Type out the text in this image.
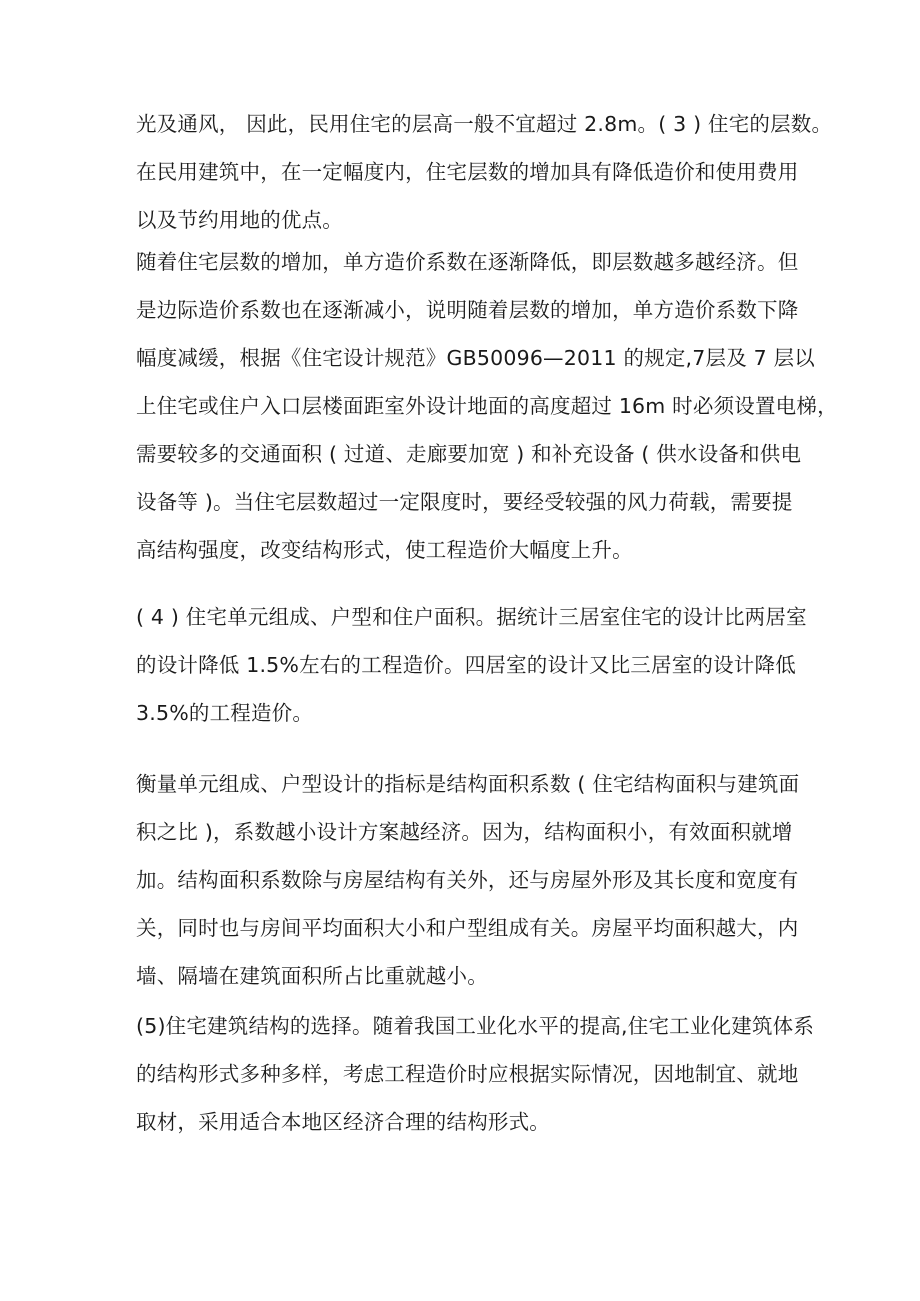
光及通风， 因此，民用住宅的层高一般不宜超过 2.8m。( 3 ) 住宅的层数。
在民用建筑中，在一定幅度内，住宅层数的增加具有降低造价和使用费用
以及节约用地的优点。

随着住宅层数的增加，单方造价系数在逐渐降低，即层数越多越经济。但
是边际造价系数也在逐渐减小，说明随着层数的增加，单方造价系数下降
幅度减缓，根据《住宅设计规范》GB50096—2011 的规定,7层及 7 层以
上住宅或住户入口层楼面距室外设计地面的高度超过 16m 时必须设置电梯，
需要较多的交通面积 ( 过道、走廊要加宽 ) 和补充设备 ( 供水设备和供电
设备等 )。当住宅层数超过一定限度时，要经受较强的风力荷载，需要提
高结构强度，改变结构形式，使工程造价大幅度上升。

( 4 ) 住宅单元组成、户型和住户面积。据统计三居室住宅的设计比两居室
的设计降低 1.5%左右的工程造价。四居室的设计又比三居室的设计降低
3.5%的工程造价。

衡量单元组成、户型设计的指标是结构面积系数 ( 住宅结构面积与建筑面
积之比 )，系数越小设计方案越经济。因为，结构面积小，有效面积就增
加。结构面积系数除与房屋结构有关外，还与房屋外形及其长度和宽度有
关，同时也与房间平均面积大小和户型组成有关。房屋平均面积越大，内
墙、隔墙在建筑面积所占比重就越小。

(5)住宅建筑结构的选择。随着我国工业化水平的提高,住宅工业化建筑体系
的结构形式多种多样，考虑工程造价时应根据实际情况，因地制宜、就地
取材，采用适合本地区经济合理的结构形式。
